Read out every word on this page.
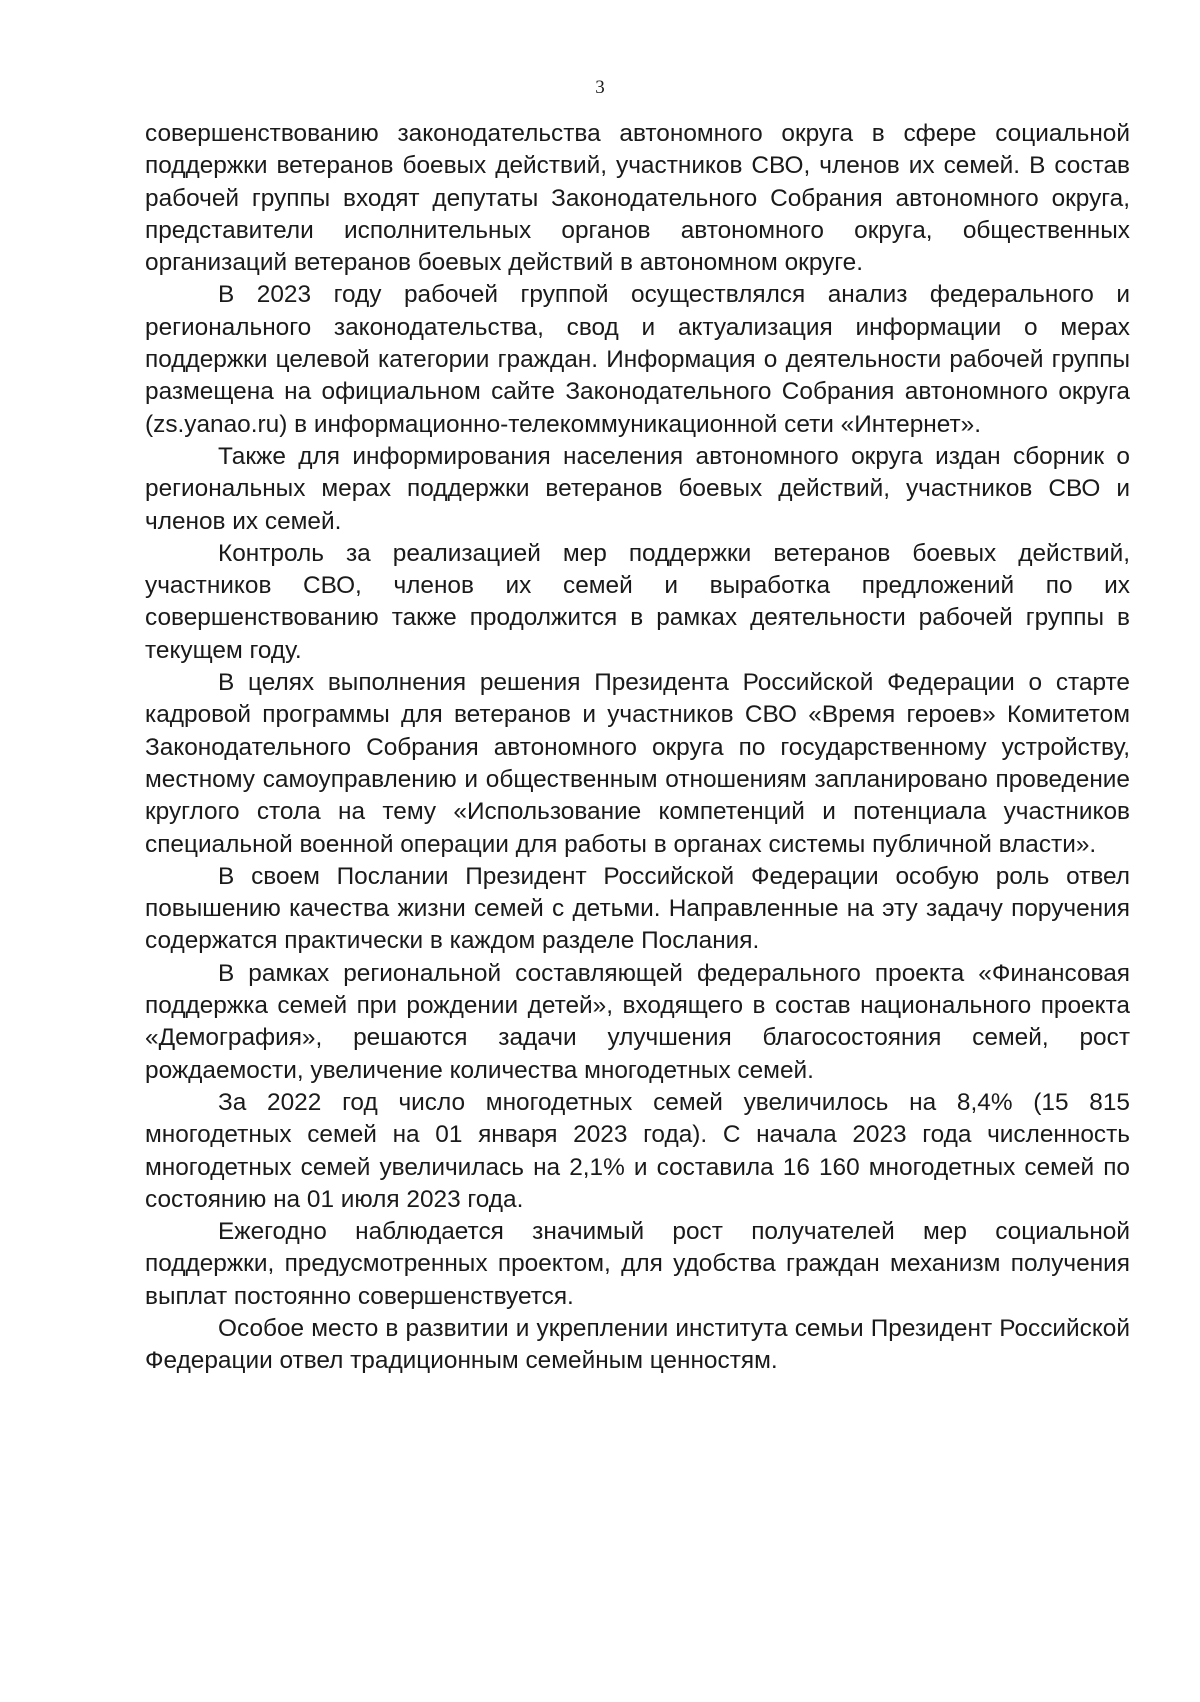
3

совершенствованию законодательства автономного округа в сфере социальной поддержки ветеранов боевых действий, участников СВО, членов их семей. В состав рабочей группы входят депутаты Законодательного Собрания автономного округа, представители исполнительных органов автономного округа, общественных организаций ветеранов боевых действий в автономном округе.

В 2023 году рабочей группой осуществлялся анализ федерального и регионального законодательства, свод и актуализация информации о мерах поддержки целевой категории граждан. Информация о деятельности рабочей группы размещена на официальном сайте Законодательного Собрания автономного округа (zs.yanao.ru) в информационно-телекоммуникационной сети «Интернет».

Также для информирования населения автономного округа издан сборник о региональных мерах поддержки ветеранов боевых действий, участников СВО и членов их семей.

Контроль за реализацией мер поддержки ветеранов боевых действий, участников СВО, членов их семей и выработка предложений по их совершенствованию также продолжится в рамках деятельности рабочей группы в текущем году.

В целях выполнения решения Президента Российской Федерации о старте кадровой программы для ветеранов и участников СВО «Время героев» Комитетом Законодательного Собрания автономного округа по государственному устройству, местному самоуправлению и общественным отношениям запланировано проведение круглого стола на тему «Использование компетенций и потенциала участников специальной военной операции для работы в органах системы публичной власти».

В своем Послании Президент Российской Федерации особую роль отвел повышению качества жизни семей с детьми. Направленные на эту задачу поручения содержатся практически в каждом разделе Послания.

В рамках региональной составляющей федерального проекта «Финансовая поддержка семей при рождении детей», входящего в состав национального проекта «Демография», решаются задачи улучшения благосостояния семей, рост рождаемости, увеличение количества многодетных семей.

За 2022 год число многодетных семей увеличилось на 8,4% (15 815 многодетных семей на 01 января 2023 года). С начала 2023 года численность многодетных семей увеличилась на 2,1% и составила 16 160 многодетных семей по состоянию на 01 июля 2023 года.

Ежегодно наблюдается значимый рост получателей мер социальной поддержки, предусмотренных проектом, для удобства граждан механизм получения выплат постоянно совершенствуется.

Особое место в развитии и укреплении института семьи Президент Российской Федерации отвел традиционным семейным ценностям.
